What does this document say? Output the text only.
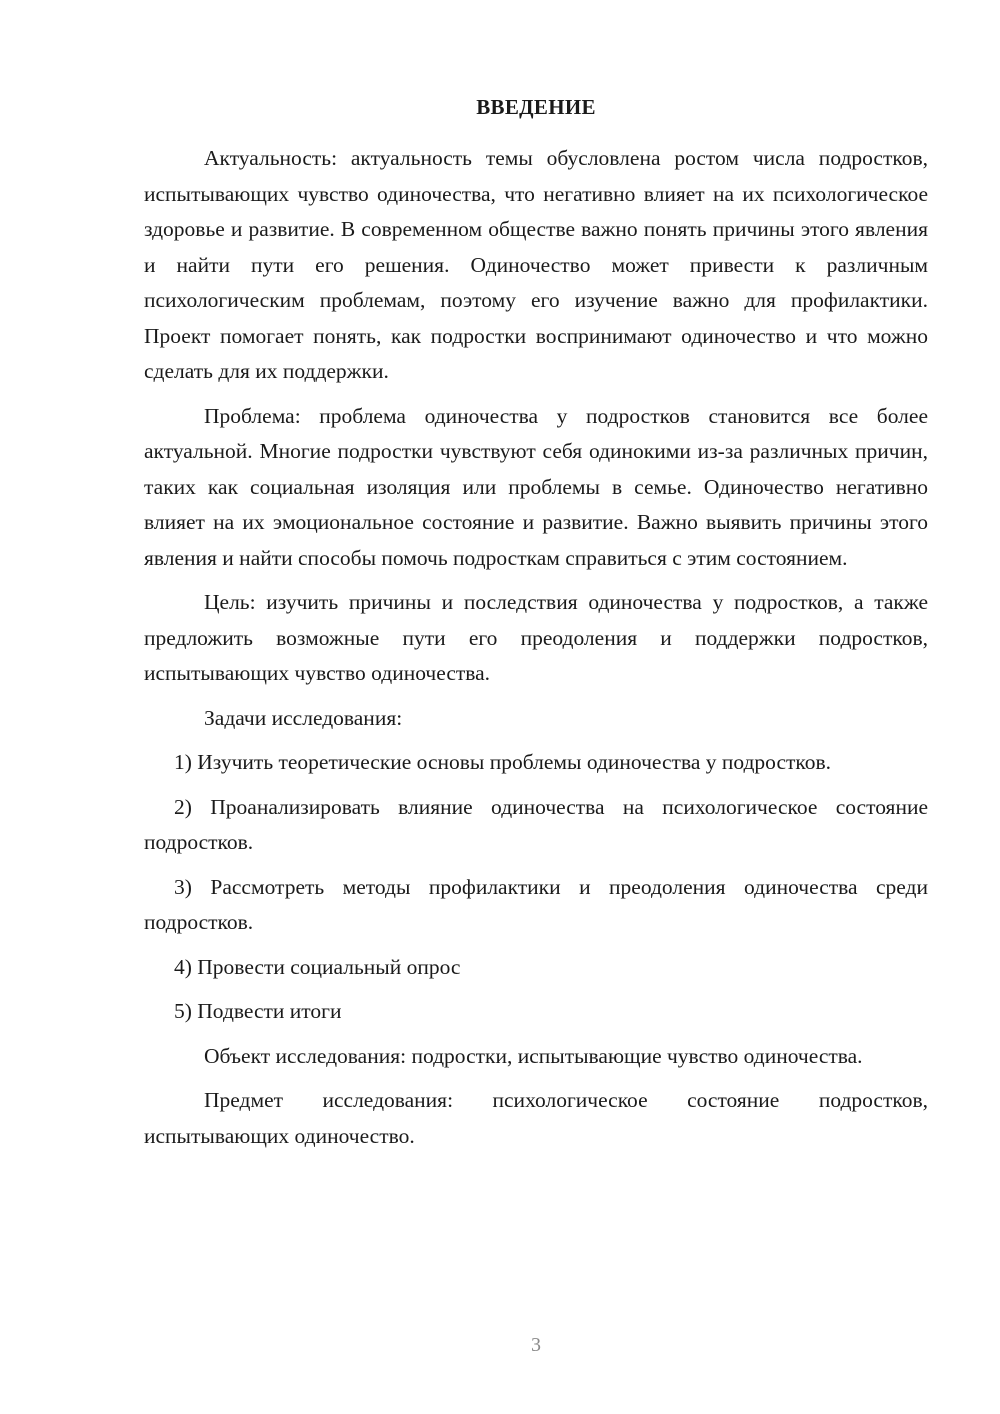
ВВЕДЕНИЕ

Актуальность: актуальность темы обусловлена ростом числа подростков, испытывающих чувство одиночества, что негативно влияет на их психологическое здоровье и развитие. В современном обществе важно понять причины этого явления и найти пути его решения. Одиночество может привести к различным психологическим проблемам, поэтому его изучение важно для профилактики. Проект помогает понять, как подростки воспринимают одиночество и что можно сделать для их поддержки.

Проблема: проблема одиночества у подростков становится все более актуальной. Многие подростки чувствуют себя одинокими из-за различных причин, таких как социальная изоляция или проблемы в семье. Одиночество негативно влияет на их эмоциональное состояние и развитие. Важно выявить причины этого явления и найти способы помочь подросткам справиться с этим состоянием.

Цель: изучить причины и последствия одиночества у подростков, а также предложить возможные пути его преодоления и поддержки подростков, испытывающих чувство одиночества.

Задачи исследования:

1) Изучить теоретические основы проблемы одиночества у подростков.

2) Проанализировать влияние одиночества на психологическое состояние подростков.

3) Рассмотреть методы профилактики и преодоления одиночества среди подростков.

4) Провести социальный опрос

5) Подвести итоги

Объект исследования: подростки, испытывающие чувство одиночества.

Предмет исследования: психологическое состояние подростков, испытывающих одиночество.

3
